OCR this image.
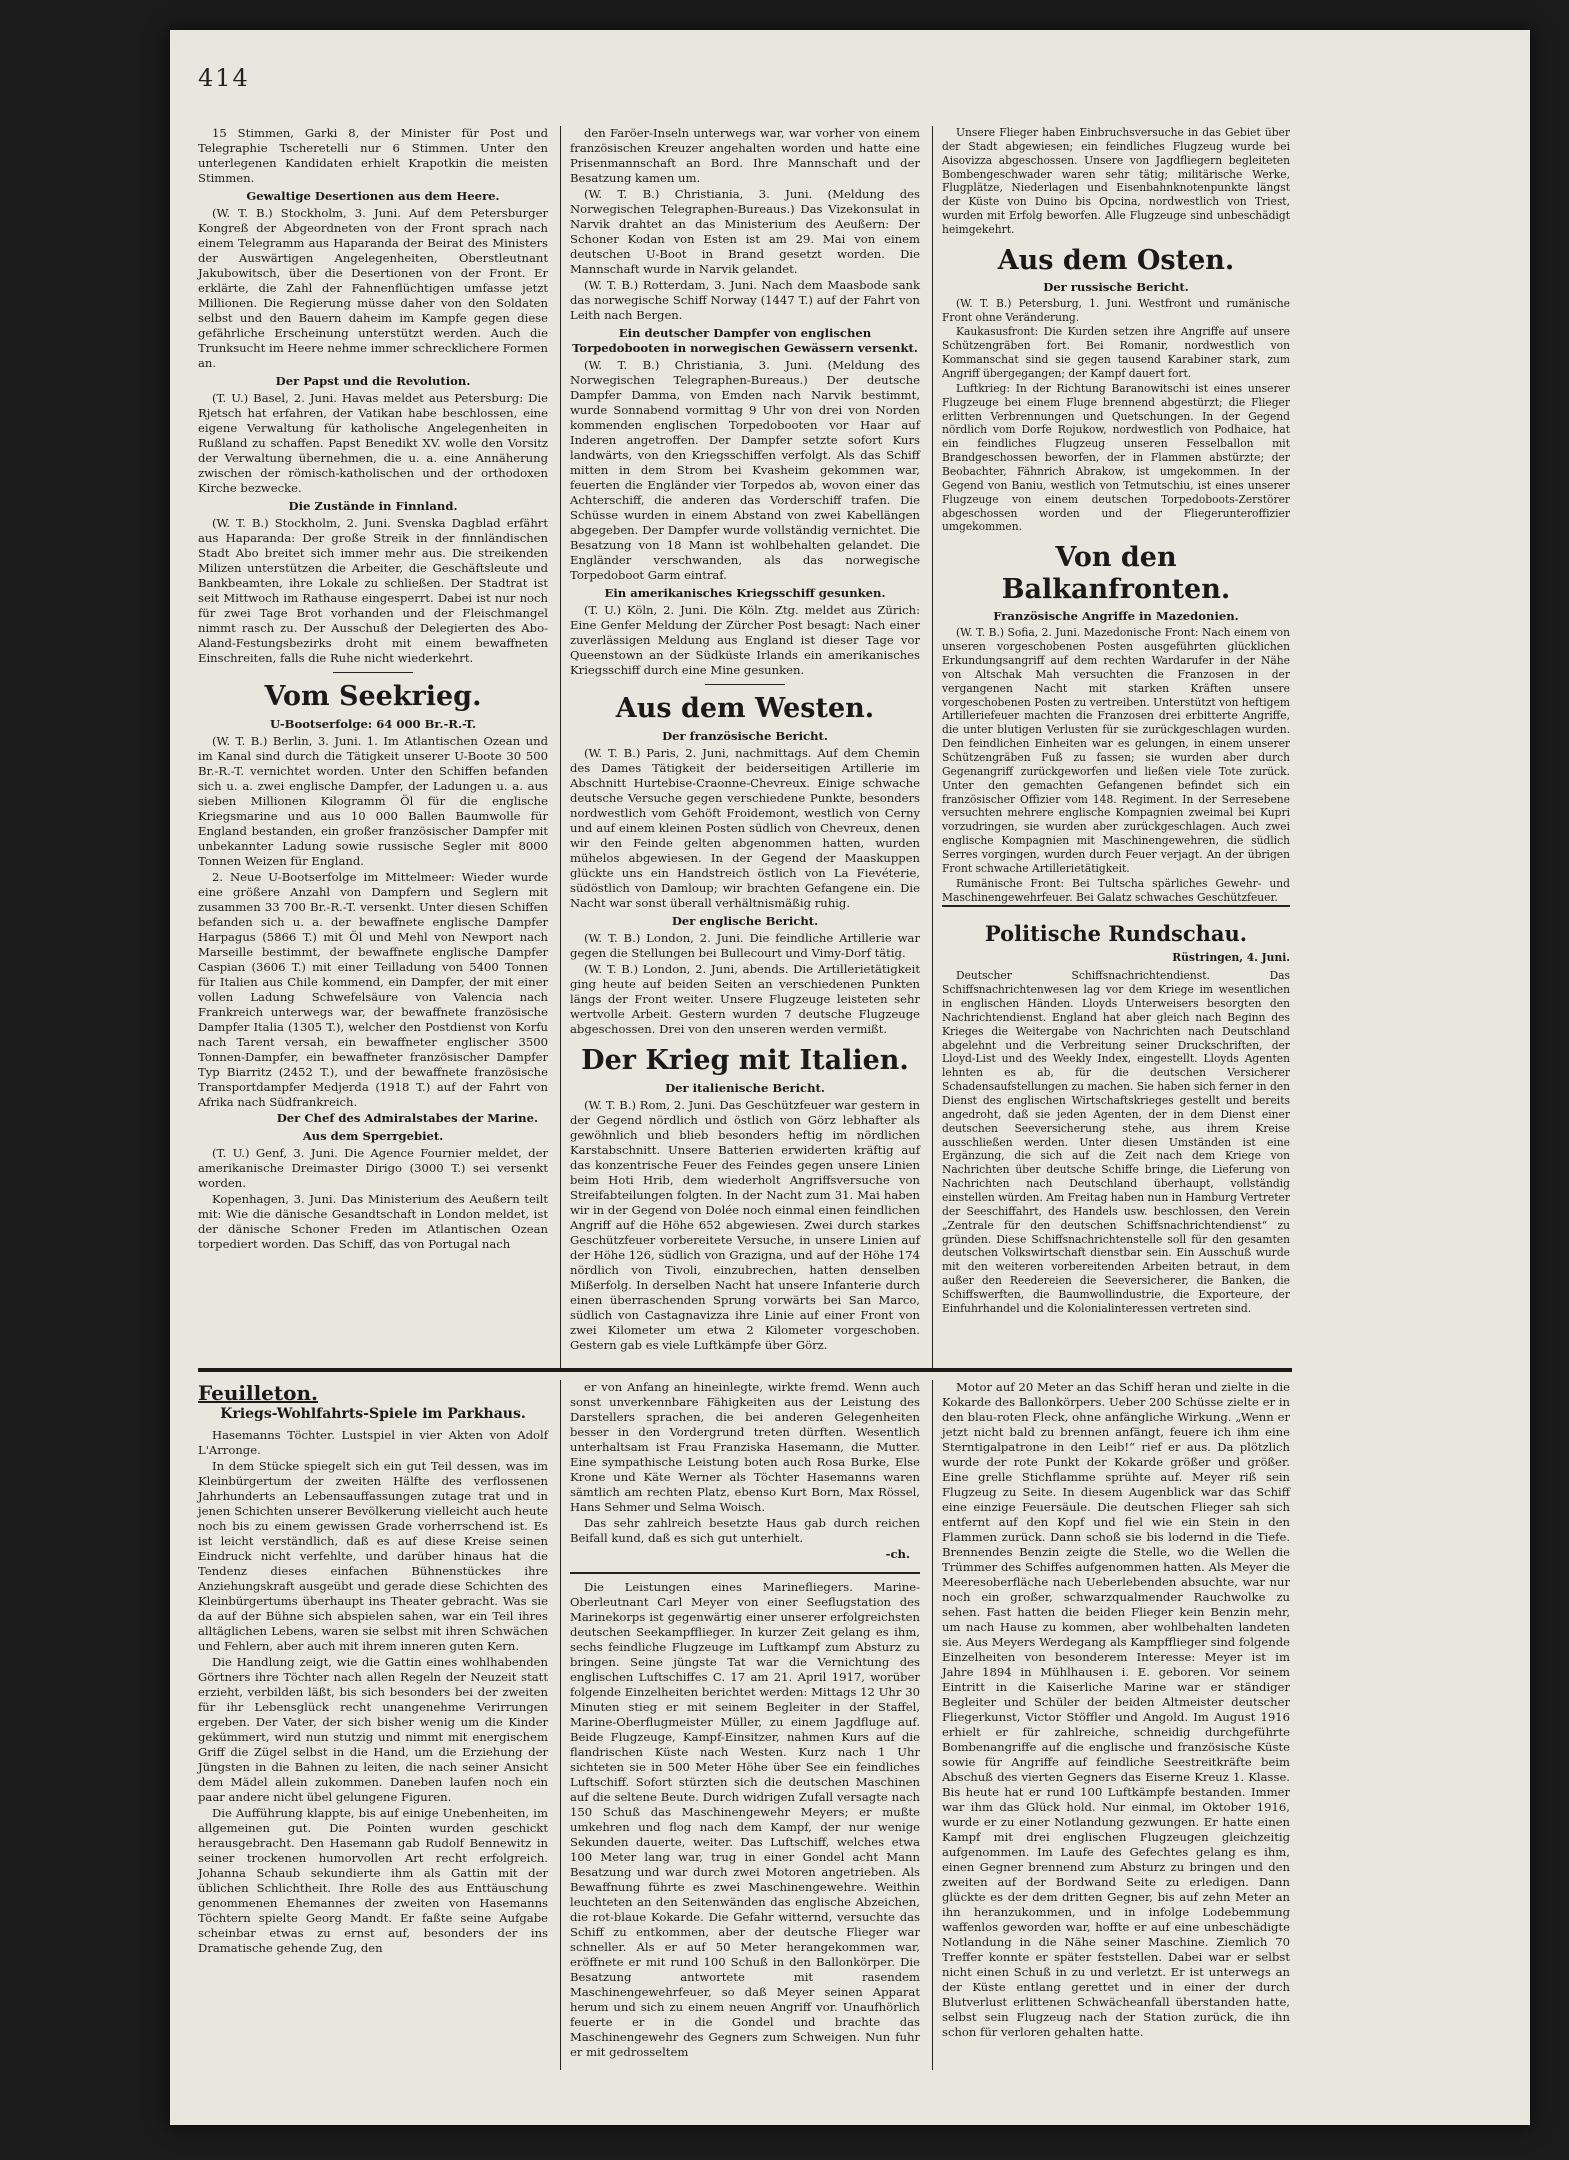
414

15 Stimmen, Garki 8, der Minister für Post und Telegraphie Tscheretelli nur 6 Stimmen. Unter den unterlegenen Kandidaten erhielt Krapotkin die meisten Stimmen.

Gewaltige Desertionen aus dem Heere.

(W. T. B.) Stockholm, 3. Juni. Auf dem Petersburger Kongreß der Abgeordneten von der Front sprach nach einem Telegramm aus Haparanda der Beirat des Ministers der Auswärtigen Angelegenheiten, Oberstleutnant Jakubowitsch, über die Desertionen von der Front. Er erklärte, die Zahl der Fahnenflüchtigen umfasse jetzt Millionen. Die Regierung müsse daher von den Soldaten selbst und den Bauern daheim im Kampfe gegen diese gefährliche Erscheinung unterstützt werden. Auch die Trunksucht im Heere nehme immer schrecklichere Formen an.

Der Papst und die Revolution.

(T. U.) Basel, 2. Juni. Havas meldet aus Petersburg: Die Rjetsch hat erfahren, der Vatikan habe beschlossen, eine eigene Verwaltung für katholische Angelegenheiten in Rußland zu schaffen. Papst Benedikt XV. wolle den Vorsitz der Verwaltung übernehmen, die u. a. eine Annäherung zwischen der römisch-katholischen und der orthodoxen Kirche bezwecke.

Die Zustände in Finnland.

(W. T. B.) Stockholm, 2. Juni. Svenska Dagblad erfährt aus Haparanda: Der große Streik in der finnländischen Stadt Abo breitet sich immer mehr aus. Die streikenden Milizen unterstützen die Arbeiter, die Geschäftsleute und Bankbeamten, ihre Lokale zu schließen. Der Stadtrat ist seit Mittwoch im Rathause eingesperrt. Dabei ist nur noch für zwei Tage Brot vorhanden und der Fleischmangel nimmt rasch zu. Der Ausschuß der Delegierten des Abo-Aland-Festungsbezirks droht mit einem bewaffneten Einschreiten, falls die Ruhe nicht wiederkehrt.

Vom Seekrieg.
U-Bootserfolge: 64 000 Br.-R.-T.

(W. T. B.) Berlin, 3. Juni. 1. Im Atlantischen Ozean und im Kanal sind durch die Tätigkeit unserer U-Boote 30 500 Br.-R.-T. vernichtet worden. Unter den Schiffen befanden sich u. a. zwei englische Dampfer, der Ladungen u. a. aus sieben Millionen Kilogramm Öl für die englische Kriegsmarine und aus 10 000 Ballen Baumwolle für England bestanden, ein großer französischer Dampfer mit unbekannter Ladung sowie russische Segler mit 8000 Tonnen Weizen für England.

2. Neue U-Bootserfolge im Mittelmeer: Wieder wurde eine größere Anzahl von Dampfern und Seglern mit zusammen 33 700 Br.-R.-T. versenkt. Unter diesen Schiffen befanden sich u. a. der bewaffnete englische Dampfer Harpagus (5866 T.) mit Öl und Mehl von Newport nach Marseille bestimmt, der bewaffnete englische Dampfer Caspian (3606 T.) mit einer Teilladung von 5400 Tonnen für Italien aus Chile kommend, ein Dampfer, der mit einer vollen Ladung Schwefelsäure von Valencia nach Frankreich unterwegs war, der bewaffnete französische Dampfer Italia (1305 T.), welcher den Postdienst von Korfu nach Tarent versah, ein bewaffneter englischer 3500 Tonnen-Dampfer, ein bewaffneter französischer Dampfer Typ Biarritz (2452 T.), und der bewaffnete französische Transportdampfer Medjerda (1918 T.) auf der Fahrt von Afrika nach Südfrankreich.

Der Chef des Admiralstabes der Marine.
Aus dem Sperrgebiet.

(T. U.) Genf, 3. Juni. Die Agence Fournier meldet, der amerikanische Dreimaster Dirigo (3000 T.) sei versenkt worden.

Kopenhagen, 3. Juni. Das Ministerium des Aeußern teilt mit: Wie die dänische Gesandtschaft in London meldet, ist der dänische Schoner Freden im Atlantischen Ozean torpediert worden. Das Schiff, das von Portugal nach

den Faröer-Inseln unterwegs war, war vorher von einem französischen Kreuzer angehalten worden und hatte eine Prisenmannschaft an Bord. Ihre Mannschaft und der Besatzung kamen um.

(W. T. B.) Christiania, 3. Juni. (Meldung des Norwegischen Telegraphen-Bureaus.) Das Vizekonsulat in Narvik drahtet an das Ministerium des Aeußern: Der Schoner Kodan von Esten ist am 29. Mai von einem deutschen U-Boot in Brand gesetzt worden. Die Mannschaft wurde in Narvik gelandet.

(W. T. B.) Rotterdam, 3. Juni. Nach dem Maasbode sank das norwegische Schiff Norway (1447 T.) auf der Fahrt von Leith nach Bergen.

Ein deutscher Dampfer von englischen Torpedobooten in norwegischen Gewässern versenkt.

(W. T. B.) Christiania, 3. Juni. (Meldung des Norwegischen Telegraphen-Bureaus.) Der deutsche Dampfer Damma, von Emden nach Narvik bestimmt, wurde Sonnabend vormittag 9 Uhr von drei von Norden kommenden englischen Torpedobooten vor Haar auf Inderen angetroffen. Der Dampfer setzte sofort Kurs landwärts, von den Kriegsschiffen verfolgt. Als das Schiff mitten in dem Strom bei Kvasheim gekommen war, feuerten die Engländer vier Torpedos ab, wovon einer das Achterschiff, die anderen das Vorderschiff trafen. Die Schüsse wurden in einem Abstand von zwei Kabellängen abgegeben. Der Dampfer wurde vollständig vernichtet. Die Besatzung von 18 Mann ist wohlbehalten gelandet. Die Engländer verschwanden, als das norwegische Torpedoboot Garm eintraf.

Ein amerikanisches Kriegsschiff gesunken.

(T. U.) Köln, 2. Juni. Die Köln. Ztg. meldet aus Zürich: Eine Genfer Meldung der Zürcher Post besagt: Nach einer zuverlässigen Meldung aus England ist dieser Tage vor Queenstown an der Südküste Irlands ein amerikanisches Kriegsschiff durch eine Mine gesunken.

Aus dem Westen.
Der französische Bericht.

(W. T. B.) Paris, 2. Juni, nachmittags. Auf dem Chemin des Dames Tätigkeit der beiderseitigen Artillerie im Abschnitt Hurtebise-Craonne-Chevreux. Einige schwache deutsche Versuche gegen verschiedene Punkte, besonders nordwestlich vom Gehöft Froidemont, westlich von Cerny und auf einem kleinen Posten südlich von Chevreux, denen wir den Feinde gelten abgenommen hatten, wurden mühelos abgewiesen. In der Gegend der Maaskuppen glückte uns ein Handstreich östlich von La Fievéterie, südöstlich von Damloup; wir brachten Gefangene ein. Die Nacht war sonst überall verhältnismäßig ruhig.

Der englische Bericht.

(W. T. B.) London, 2. Juni. Die feindliche Artillerie war gegen die Stellungen bei Bullecourt und Vimy-Dorf tätig.

(W. T. B.) London, 2. Juni, abends. Die Artillerietätigkeit ging heute auf beiden Seiten an verschiedenen Punkten längs der Front weiter. Unsere Flugzeuge leisteten sehr wertvolle Arbeit. Gestern wurden 7 deutsche Flugzeuge abgeschossen. Drei von den unseren werden vermißt.

Der Krieg mit Italien.
Der italienische Bericht.

(W. T. B.) Rom, 2. Juni. Das Geschützfeuer war gestern in der Gegend nördlich und östlich von Görz lebhafter als gewöhnlich und blieb besonders heftig im nördlichen Karstabschnitt. Unsere Batterien erwiderten kräftig auf das konzentrische Feuer des Feindes gegen unsere Linien beim Hoti Hrib, dem wiederholt Angriffsversuche von Streifabteilungen folgten. In der Nacht zum 31. Mai haben wir in der Gegend von Dolée noch einmal einen feindlichen Angriff auf die Höhe 652 abgewiesen. Zwei durch starkes Geschützfeuer vorbereitete Versuche, in unsere Linien auf der Höhe 126, südlich von Grazigna, und auf der Höhe 174 nördlich von Tivoli, einzubrechen, hatten denselben Mißerfolg. In derselben Nacht hat unsere Infanterie durch einen überraschenden Sprung vorwärts bei San Marco, südlich von Castagnavizza ihre Linie auf einer Front von zwei Kilometer um etwa 2 Kilometer vorgeschoben. Gestern gab es viele Luftkämpfe über Görz.

Unsere Flieger haben Einbruchsversuche in das Gebiet über der Stadt abgewiesen; ein feindliches Flugzeug wurde bei Aisovizza abgeschossen. Unsere von Jagdfliegern begleiteten Bombengeschwader waren sehr tätig; militärische Werke, Flugplätze, Niederlagen und Eisenbahnknotenpunkte längst der Küste von Duino bis Opcina, nordwestlich von Triest, wurden mit Erfolg beworfen. Alle Flugzeuge sind unbeschädigt heimgekehrt.

Aus dem Osten.
Der russische Bericht.

(W. T. B.) Petersburg, 1. Juni. Westfront und rumänische Front ohne Veränderung.

Kaukasusfront: Die Kurden setzen ihre Angriffe auf unsere Schützengräben fort. Bei Romanir, nordwestlich von Kommanschat sind sie gegen tausend Karabiner stark, zum Angriff übergegangen; der Kampf dauert fort.

Luftkrieg: In der Richtung Baranowitschi ist eines unserer Flugzeuge bei einem Fluge brennend abgestürzt; die Flieger erlitten Verbrennungen und Quetschungen. In der Gegend nördlich vom Dorfe Rojukow, nordwestlich von Podhaice, hat ein feindliches Flugzeug unseren Fesselballon mit Brandgeschossen beworfen, der in Flammen abstürzte; der Beobachter, Fähnrich Abrakow, ist umgekommen. In der Gegend von Baniu, westlich von Tetmutschiu, ist eines unserer Flugzeuge von einem deutschen Torpedoboots-Zerstörer abgeschossen worden und der Fliegerunteroffizier umgekommen.

Von den Balkanfronten.
Französische Angriffe in Mazedonien.

(W. T. B.) Sofia, 2. Juni. Mazedonische Front: Nach einem von unseren vorgeschobenen Posten ausgeführten glücklichen Erkundungsangriff auf dem rechten Wardarufer in der Nähe von Altschak Mah versuchten die Franzosen in der vergangenen Nacht mit starken Kräften unsere vorgeschobenen Posten zu vertreiben. Unterstützt von heftigem Artilleriefeuer machten die Franzosen drei erbitterte Angriffe, die unter blutigen Verlusten für sie zurückgeschlagen wurden. Den feindlichen Einheiten war es gelungen, in einem unserer Schützengräben Fuß zu fassen; sie wurden aber durch Gegenangriff zurückgeworfen und ließen viele Tote zurück. Unter den gemachten Gefangenen befindet sich ein französischer Offizier vom 148. Regiment. In der Serresebene versuchten mehrere englische Kompagnien zweimal bei Kupri vorzudringen, sie wurden aber zurückgeschlagen. Auch zwei englische Kompagnien mit Maschinengewehren, die südlich Serres vorgingen, wurden durch Feuer verjagt. An der übrigen Front schwache Artillerietätigkeit.

Rumänische Front: Bei Tultscha spärliches Gewehr- und Maschinengewehrfeuer. Bei Galatz schwaches Geschützfeuer.

Politische Rundschau.
Rüstringen, 4. Juni.

Deutscher Schiffsnachrichtendienst. Das Schiffsnachrichtenwesen lag vor dem Kriege im wesentlichen in englischen Händen. Lloyds Unterweisers besorgten den Nachrichtendienst. England hat aber gleich nach Beginn des Krieges die Weitergabe von Nachrichten nach Deutschland abgelehnt und die Verbreitung seiner Druckschriften, der Lloyd-List und des Weekly Index, eingestellt. Lloyds Agenten lehnten es ab, für die deutschen Versicherer Schadensaufstellungen zu machen. Sie haben sich ferner in den Dienst des englischen Wirtschaftskrieges gestellt und bereits angedroht, daß sie jeden Agenten, der in dem Dienst einer deutschen Seeversicherung stehe, aus ihrem Kreise ausschließen werden. Unter diesen Umständen ist eine Ergänzung, die sich auf die Zeit nach dem Kriege von Nachrichten über deutsche Schiffe bringe, die Lieferung von Nachrichten nach Deutschland überhaupt, vollständig einstellen würden. Am Freitag haben nun in Hamburg Vertreter der Seeschiffahrt, des Handels usw. beschlossen, den Verein „Zentrale für den deutschen Schiffsnachrichtendienst“ zu gründen. Diese Schiffsnachrichtenstelle soll für den gesamten deutschen Volkswirtschaft dienstbar sein. Ein Ausschuß wurde mit den weiteren vorbereitenden Arbeiten betraut, in dem außer den Reedereien die Seeversicherer, die Banken, die Schiffswerften, die Baumwollindustrie, die Exporteure, der Einfuhrhandel und die Kolonialinteressen vertreten sind.

Feuilleton.
Kriegs-Wohlfahrts-Spiele im Parkhaus.

Hasemanns Töchter. Lustspiel in vier Akten von Adolf L'Arronge.

In dem Stücke spiegelt sich ein gut Teil dessen, was im Kleinbürgertum der zweiten Hälfte des verflossenen Jahrhunderts an Lebensauffassungen zutage trat und in jenen Schichten unserer Bevölkerung vielleicht auch heute noch bis zu einem gewissen Grade vorherrschend ist. Es ist leicht verständlich, daß es auf diese Kreise seinen Eindruck nicht verfehlte, und darüber hinaus hat die Tendenz dieses einfachen Bühnenstückes ihre Anziehungskraft ausgeübt und gerade diese Schichten des Kleinbürgertums überhaupt ins Theater gebracht. Was sie da auf der Bühne sich abspielen sahen, war ein Teil ihres alltäglichen Lebens, waren sie selbst mit ihren Schwächen und Fehlern, aber auch mit ihrem inneren guten Kern.

Die Handlung zeigt, wie die Gattin eines wohlhabenden Görtners ihre Töchter nach allen Regeln der Neuzeit statt erzieht, verbilden läßt, bis sich besonders bei der zweiten für ihr Lebensglück recht unangenehme Verirrungen ergeben. Der Vater, der sich bisher wenig um die Kinder gekümmert, wird nun stutzig und nimmt mit energischem Griff die Zügel selbst in die Hand, um die Erziehung der Jüngsten in die Bahnen zu leiten, die nach seiner Ansicht dem Mädel allein zukommen. Daneben laufen noch ein paar andere nicht übel gelungene Figuren.

Die Aufführung klappte, bis auf einige Unebenheiten, im allgemeinen gut. Die Pointen wurden geschickt herausgebracht. Den Hasemann gab Rudolf Bennewitz in seiner trockenen humorvollen Art recht erfolgreich. Johanna Schaub sekundierte ihm als Gattin mit der üblichen Schlichtheit. Ihre Rolle des aus Enttäuschung genommenen Ehemannes der zweiten von Hasemanns Töchtern spielte Georg Mandt. Er faßte seine Aufgabe scheinbar etwas zu ernst auf, besonders der ins Dramatische gehende Zug, den

er von Anfang an hineinlegte, wirkte fremd. Wenn auch sonst unverkennbare Fähigkeiten aus der Leistung des Darstellers sprachen, die bei anderen Gelegenheiten besser in den Vordergrund treten dürften. Wesentlich unterhaltsam ist Frau Franziska Hasemann, die Mutter. Eine sympathische Leistung boten auch Rosa Burke, Else Krone und Käte Werner als Töchter Hasemanns waren sämtlich am rechten Platz, ebenso Kurt Born, Max Rössel, Hans Sehmer und Selma Woisch.

Das sehr zahlreich besetzte Haus gab durch reichen Beifall kund, daß es sich gut unterhielt.

-ch.

Die Leistungen eines Marinefliegers. Marine-Oberleutnant Carl Meyer von einer Seeflugstation des Marinekorps ist gegenwärtig einer unserer erfolgreichsten deutschen Seekampfflieger. In kurzer Zeit gelang es ihm, sechs feindliche Flugzeuge im Luftkampf zum Absturz zu bringen. Seine jüngste Tat war die Vernichtung des englischen Luftschiffes C. 17 am 21. April 1917, worüber folgende Einzelheiten berichtet werden: Mittags 12 Uhr 30 Minuten stieg er mit seinem Begleiter in der Staffel, Marine-Oberflugmeister Müller, zu einem Jagdfluge auf. Beide Flugzeuge, Kampf-Einsitzer, nahmen Kurs auf die flandrischen Küste nach Westen. Kurz nach 1 Uhr sichteten sie in 500 Meter Höhe über See ein feindliches Luftschiff. Sofort stürzten sich die deutschen Maschinen auf die seltene Beute. Durch widrigen Zufall versagte nach 150 Schuß das Maschinengewehr Meyers; er mußte umkehren und flog nach dem Kampf, der nur wenige Sekunden dauerte, weiter. Das Luftschiff, welches etwa 100 Meter lang war, trug in einer Gondel acht Mann Besatzung und war durch zwei Motoren angetrieben. Als Bewaffnung führte es zwei Maschinengewehre. Weithin leuchteten an den Seitenwänden das englische Abzeichen, die rot-blaue Kokarde. Die Gefahr witternd, versuchte das Schiff zu entkommen, aber der deutsche Flieger war schneller. Als er auf 50 Meter herangekommen war, eröffnete er mit rund 100 Schuß in den Ballonkörper. Die Besatzung antwortete mit rasendem Maschinengewehrfeuer, so daß Meyer seinen Apparat herum und sich zu einem neuen Angriff vor. Unaufhörlich feuerte er in die Gondel und brachte das Maschinengewehr des Gegners zum Schweigen. Nun fuhr er mit gedrosseltem

Motor auf 20 Meter an das Schiff heran und zielte in die Kokarde des Ballonkörpers. Ueber 200 Schüsse zielte er in den blau-roten Fleck, ohne anfängliche Wirkung. „Wenn er jetzt nicht bald zu brennen anfängt, feuere ich ihm eine Sterntigalpatrone in den Leib!“ rief er aus. Da plötzlich wurde der rote Punkt der Kokarde größer und größer. Eine grelle Stichflamme sprühte auf. Meyer riß sein Flugzeug zu Seite. In diesem Augenblick war das Schiff eine einzige Feuersäule. Die deutschen Flieger sah sich entfernt auf den Kopf und fiel wie ein Stein in den Flammen zurück. Dann schoß sie bis lodernd in die Tiefe. Brennendes Benzin zeigte die Stelle, wo die Wellen die Trümmer des Schiffes aufgenommen hatten. Als Meyer die Meeresoberfläche nach Ueberlebenden absuchte, war nur noch ein großer, schwarzqualmender Rauchwolke zu sehen. Fast hatten die beiden Flieger kein Benzin mehr, um nach Hause zu kommen, aber wohlbehalten landeten sie. Aus Meyers Werdegang als Kampfflieger sind folgende Einzelheiten von besonderem Interesse: Meyer ist im Jahre 1894 in Mühlhausen i. E. geboren. Vor seinem Eintritt in die Kaiserliche Marine war er ständiger Begleiter und Schüler der beiden Altmeister deutscher Fliegerkunst, Victor Stöffler und Angold. Im August 1916 erhielt er für zahlreiche, schneidig durchgeführte Bombenangriffe auf die englische und französische Küste sowie für Angriffe auf feindliche Seestreitkräfte beim Abschuß des vierten Gegners das Eiserne Kreuz 1. Klasse. Bis heute hat er rund 100 Luftkämpfe bestanden. Immer war ihm das Glück hold. Nur einmal, im Oktober 1916, wurde er zu einer Notlandung gezwungen. Er hatte einen Kampf mit drei englischen Flugzeugen gleichzeitig aufgenommen. Im Laufe des Gefechtes gelang es ihm, einen Gegner brennend zum Absturz zu bringen und den zweiten auf der Bordwand Seite zu erledigen. Dann glückte es der dem dritten Gegner, bis auf zehn Meter an ihn heranzukommen, und in infolge Lodebemmung waffenlos geworden war, hoffte er auf eine unbeschädigte Notlandung in die Nähe seiner Maschine. Ziemlich 70 Treffer konnte er später feststellen. Dabei war er selbst nicht einen Schuß in zu und verletzt. Er ist unterwegs an der Küste entlang gerettet und in einer der durch Blutverlust erlittenen Schwächeanfall überstanden hatte, selbst sein Flugzeug nach der Station zurück, die ihn schon für verloren gehalten hatte.
